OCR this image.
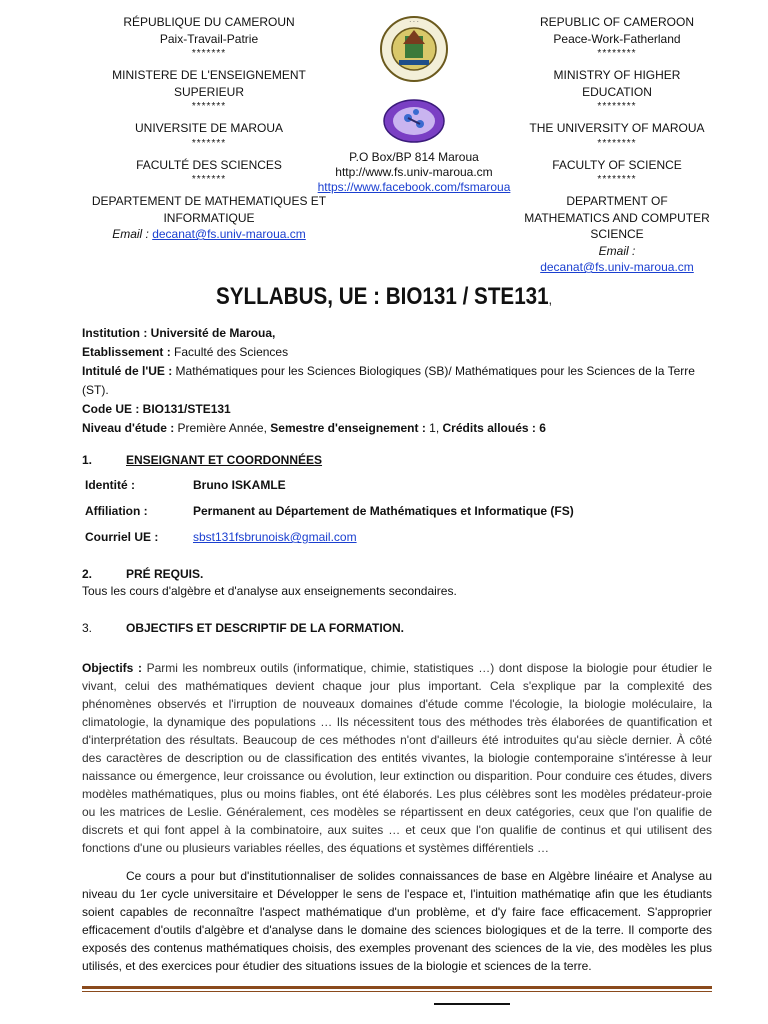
RÉPUBLIQUE DU CAMEROUN
Paix-Travail-Patrie
*******
MINISTERE DE L'ENSEIGNEMENT SUPERIEUR
*******
UNIVERSITE DE MAROUA
*******
FACULTÉ DES SCIENCES
*******
DEPARTEMENT DE MATHEMATIQUES ET INFORMATIQUE
Email : decanat@fs.univ-maroua.cm
· · ·
P.O Box/BP 814 Maroua
http://www.fs.univ-maroua.cm
https://www.facebook.com/fsmaroua
REPUBLIC OF CAMEROON
Peace-Work-Fatherland
********
MINISTRY OF HIGHER EDUCATION
********
THE UNIVERSITY OF MAROUA
********
FACULTY OF SCIENCE
********
DEPARTMENT OF MATHEMATICS AND COMPUTER SCIENCE
Email :
decanat@fs.univ-maroua.cm
SYLLABUS, UE : BIO131 / STE131,

Institution : Université de Maroua,

Etablissement : Faculté des Sciences

Intitulé de l'UE : Mathématiques pour les Sciences Biologiques (SB)/ Mathématiques pour les Sciences de la Terre (ST).

Code UE : BIO131/STE131

Niveau d'étude : Première Année, Semestre d'enseignement : 1, Crédits alloués : 6

1.	ENSEIGNANT ET COORDONNÉES
Identité :	Bruno ISKAMLE
Affiliation :	Permanent au Département de Mathématiques et Informatique (FS)
Courriel UE :	sbst131fsbrunoisk@gmail.com
2.	PRÉ REQUIS.

Tous les cours d'algèbre et d'analyse aux enseignements secondaires.

3.	OBJECTIFS ET DESCRIPTIF DE LA FORMATION.

Objectifs : Parmi les nombreux outils (informatique, chimie, statistiques …) dont dispose la biologie pour étudier le vivant, celui des mathématiques devient chaque jour plus important. Cela s'explique par la complexité des phénomènes observés et l'irruption de nouveaux domaines d'étude comme l'écologie, la biologie moléculaire, la climatologie, la dynamique des populations … Ils nécessitent tous des méthodes très élaborées de quantification et d'interprétation des résultats. Beaucoup de ces méthodes n'ont d'ailleurs été introduites qu'au siècle dernier. À côté des caractères de description ou de classification des entités vivantes, la biologie contemporaine s'intéresse à leur naissance ou émergence, leur croissance ou évolution, leur extinction ou disparition. Pour conduire ces études, divers modèles mathématiques, plus ou moins fiables, ont été élaborés. Les plus célèbres sont les modèles prédateur-proie ou les matrices de Leslie. Généralement, ces modèles se répartissent en deux catégories, ceux que l'on qualifie de discrets et qui font appel à la combinatoire, aux suites … et ceux que l'on qualifie de continus et qui utilisent des fonctions d'une ou plusieurs variables réelles, des équations et systèmes différentiels …

Ce cours a pour but d'institutionnaliser de solides connaissances de base en Algèbre linéaire et Analyse au niveau du 1er cycle universitaire et Développer le sens de l'espace et, l'intuition mathématiqe afin que les étudiants soient capables de reconnaître l'aspect mathématique d'un problème, et d'y faire face efficacement. S'approprier efficacement d'outils d'algèbre et d'analyse dans le domaine des sciences biologiques et de la terre. Il comporte des exposés des contenus mathématiques choisis, des exemples provenant des sciences de la vie, des modèles les plus utilisés, et des exercices pour étudier des situations issues de la biologie et sciences de la terre.
